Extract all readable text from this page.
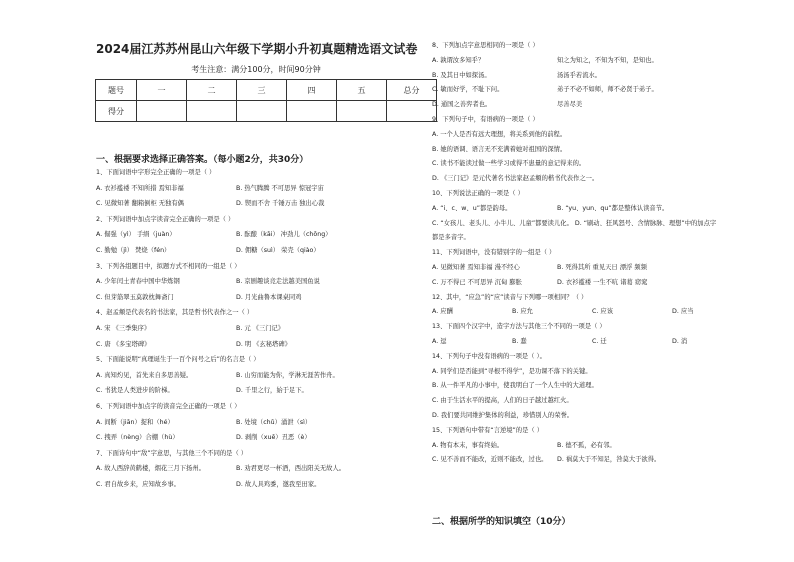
2024届江苏苏州昆山六年级下学期小升初真题精选语文试卷
考生注意：满分100分，时间90分钟
题号	一	二	三	四	五	总分
得分						
一、根据要求选择正确答案。（每小题2分，共30分）
二、根据所学的知识填空（10分）
1、下面词语中字形完全正确的一项是（ ）
A. 衣衫褴褛 不知所措 焉知非福	B. 热气腾腾 不可思异 惊冠宇宙
C. 见微知著 翻箱倒柜 无独有偶	D. 锲而不舍 千锤万击 独出心裁
2、下列词语中加点字读音完全正确的一项是（ ）
A. 倔强（yì） 手绢（juàn）	B. 酝酿（kāi） 冲劲儿（chōng）
C. 勤勉（jì） 焚烧（fén）	D. 佣糖（suì） 荣壳（qiào）
3、下列各组题目中，拟题方式不相同的一组是（ ）
A. 少年闰土青春中国中华炼钢	B. 京剧趣谈竞走法越美国鱼说
C. 但芽筋翠玉莫敦枕舞斋门	D. 月光曲鲁本课桌同鸡
4、赵孟頫是代表名的书法家，其是哲书代表作之一（ ）
A. 宋 《三季集序》	B. 元 《三门记》
C. 唐 《多宝塔碑》	D. 明 《玄秘塔碑》
5、下面能说明“真理诞生于一百个问号之后”的名言是（ ）
A. 真知灼见，首先来自多思善疑。	B. 山穷而能为你，学淋无涯苦作舟。
C. 书犹是人类进步的阶梯。	D. 千里之行，始于足下。
6、下列词语中加点字的读音完全正确的一项是（ ）
A. 间断（jiān）捉和（hé）	B. 处境（chǔ）涌泄（sì）
C. 拽弄（nèng）合棚（hù）	D. 剥削（xuē）丑恶（è）
7、下面诗句中“敌”字意思，与其他三个不同的是（ ）
A. 故人西辞黄鹤楼，烟花三月下扬州。	B. 劝君更尽一杯酒，西出阳关无故人。
C. 君自故乡来，应知故乡事。	D. 故人具鸡黍，邀我至田家。
8、下列加点字意思相同的一项是（ ）
A. 孰谓汝多知乎？	知之为知之，不知为不知，是知也。
B. 及其日中如探汤。	汤汤乎若流水。
C. 敏而好学，不耻下问。	弟子不必不如师，师不必贤于弟子。
D. 通国之善弈者也。	尽善尽美
9、下列句子中，有语病的一项是（ ）
A. 一个人是否有远大理想，将关系到他的前程。
B. 她的语调、语言无不充满着她对祖国的深情。
C. 读书不能读过做一些学习或得不患量的意记得来的。
D. 《三门记》是元代著名书法家赵孟頫的楷书代表作之一。
10、下列说法正确的一项是（ ）
A. “i、c、w、u”都是韵母。	B. “yu、yun、qu”都是整体认读音节。
C. “女孩儿、老头儿、小牛儿、儿童”都要读儿化。 D. “刷动、狂风怒号、含情脉脉、理想”中的加点字
都是多音字。
11、下列词语中，没有错别字的一组是（ ）
A. 见微知著 焉知非福 漫不经心	B. 死得其所 重见天日 漂浮 频频
C. 万不得已 不可思异 沉甸 膨胀	D. 衣衫褴褛 一生不吭 诸葛 窈窕
12、其中，“应急”的“应”读音与下列哪一项相同？（ ）
A. 应酬	B. 应允	C. 应该	D. 应当
13、下面四个汉字中，造字方法与其他三个不同的一项是（ ）
A. 逗	B. 蠢	C. 迁	D. 消
14、下列句子中没有语病的一项是（ ）。
A. 同学们是否能到“寻根不得学”，是功课不落下的关键。
B. 从一件平凡的小事中，使我明白了一个人生中的大道理。
C. 由于生活水平的提高，人们的日子越过越红火。
D. 我们要共同维护集体的利益，珍惜别人的荣誉。
15、下列语句中带有“言逆境”的是（ ）
A. 物有本末，事有终始。	B. 德不孤，必有邻。
C. 见不善而不能改，近则不能改，过也。 D. 祸莫大于不知足，咎莫大于欲得。
